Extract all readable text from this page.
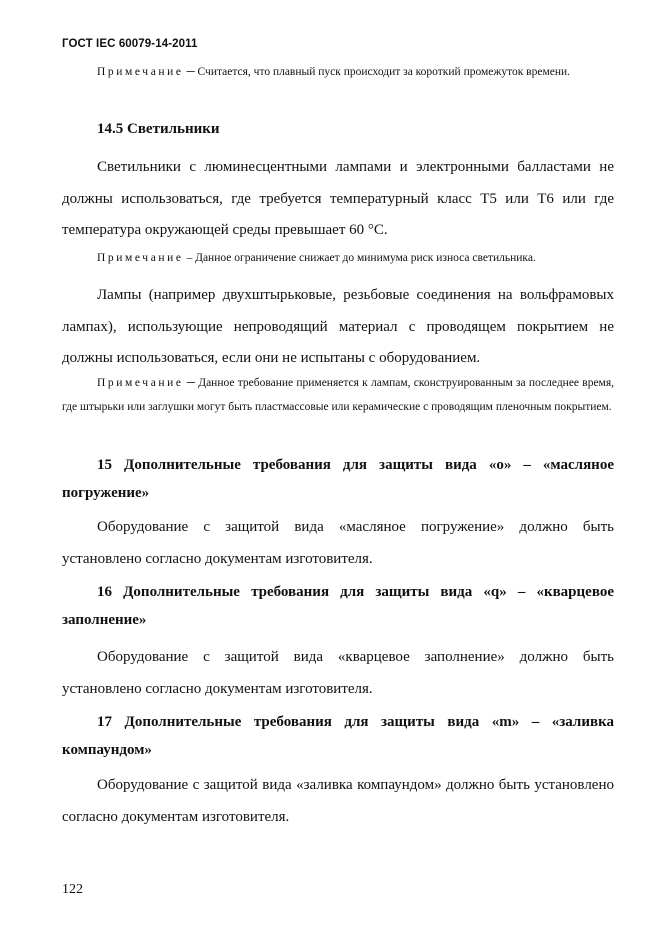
ГОСТ IEC 60079-14-2011
Примечание ─ Считается, что плавный пуск происходит за короткий промежуток времени.
14.5 Светильники
Светильники с люминесцентными лампами и электронными балластами не должны использоваться, где требуется температурный класс Т5 или Т6 или где температура окружающей среды превышает 60 °С.
Примечание – Данное ограничение снижает до минимума риск износа светильника.
Лампы (например двухштырьковые, резьбовые соединения на вольфрамовых лампах), использующие непроводящий материал с проводящем покрытием не должны использоваться, если они не испытаны с оборудованием.
Примечание ─ Данное требование применяется к лампам, сконструированным за последнее время, где штырьки или заглушки могут быть пластмассовые или керамические с проводящим пленочным покрытием.
15 Дополнительные требования для защиты вида «о» – «масляное погружение»
Оборудование с защитой вида «масляное погружение» должно быть установлено согласно документам изготовителя.
16 Дополнительные требования для защиты вида «q» – «кварцевое заполнение»
Оборудование с защитой вида «кварцевое заполнение» должно быть установлено согласно документам изготовителя.
17 Дополнительные требования для защиты вида «m» – «заливка компаундом»
Оборудование с защитой вида «заливка компаундом» должно быть установлено согласно документам изготовителя.
122
